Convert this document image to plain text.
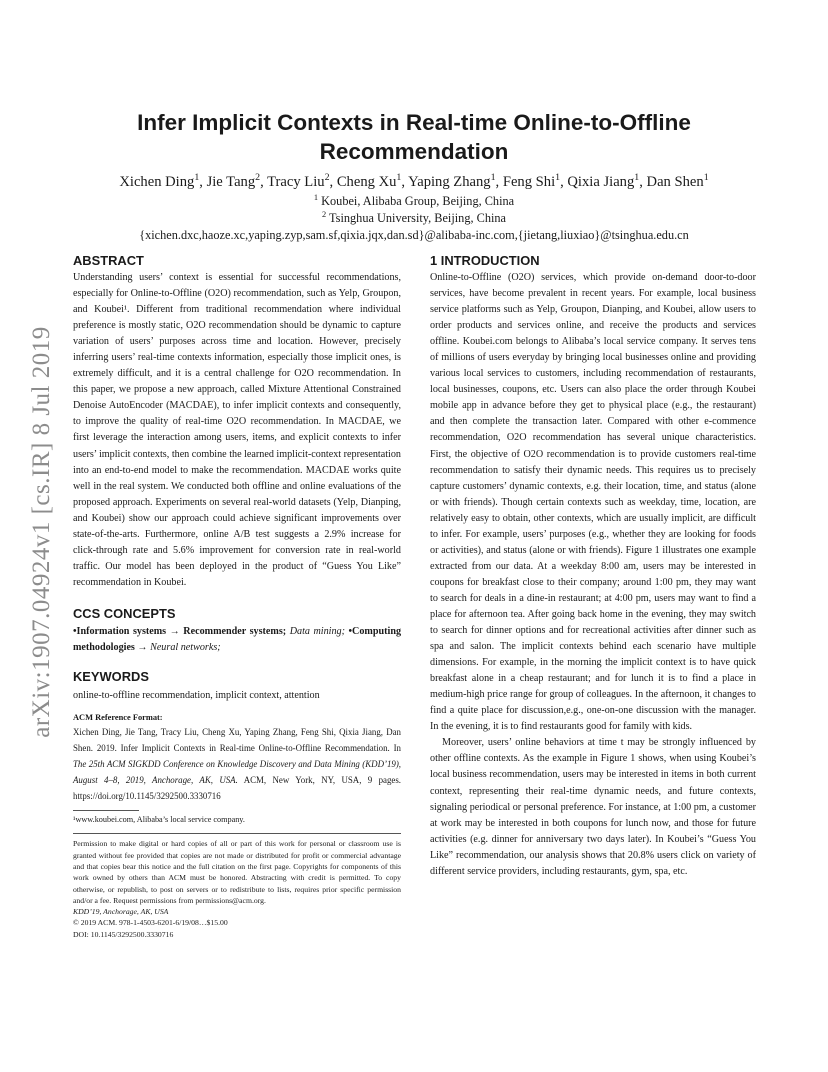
arXiv:1907.04924v1 [cs.IR] 8 Jul 2019
Infer Implicit Contexts in Real-time Online-to-Offline Recommendation
Xichen Ding$^1$, Jie Tang$^2$, Tracy Liu$^2$, Cheng Xu$^1$, Yaping Zhang$^1$, Feng Shi$^1$, Qixia Jiang$^1$, Dan Shen$^1$
$^1$ Koubei, Alibaba Group, Beijing, China
$^2$ Tsinghua University, Beijing, China
{xichen.dxc,haoze.xc,yaping.zyp,sam.sf,qixia.jqx,dan.sd}@alibaba-inc.com,{jietang,liuxiao}@tsinghua.edu.cn
ABSTRACT

Understanding users’ context is essential for successful recommendations, especially for Online-to-Offline (O2O) recommendation, such as Yelp, Groupon, and Koubei¹. Different from traditional recommendation where individual preference is mostly static, O2O recommendation should be dynamic to capture variation of users’ purposes across time and location. However, precisely inferring users’ real-time contexts information, especially those implicit ones, is extremely difficult, and it is a central challenge for O2O recommendation. In this paper, we propose a new approach, called Mixture Attentional Constrained Denoise AutoEncoder (MACDAE), to infer implicit contexts and consequently, to improve the quality of real-time O2O recommendation. In MACDAE, we first leverage the interaction among users, items, and explicit contexts to infer users’ implicit contexts, then combine the learned implicit-context representation into an end-to-end model to make the recommendation. MACDAE works quite well in the real system. We conducted both offline and online evaluations of the proposed approach. Experiments on several real-world datasets (Yelp, Dianping, and Koubei) show our approach could achieve significant improvements over state-of-the-arts. Furthermore, online A/B test suggests a 2.9% increase for click-through rate and 5.6% improvement for conversion rate in real-world traffic. Our model has been deployed in the product of “Guess You Like” recommendation in Koubei.

CCS CONCEPTS

•Information systems → Recommender systems; Data mining; •Computing methodologies → Neural networks;

KEYWORDS

online-to-offline recommendation, implicit context, attention

ACM Reference Format:

Xichen Ding, Jie Tang, Tracy Liu, Cheng Xu, Yaping Zhang, Feng Shi, Qixia Jiang, Dan Shen. 2019. Infer Implicit Contexts in Real-time Online-to-Offline Recommendation. In The 25th ACM SIGKDD Conference on Knowledge Discovery and Data Mining (KDD’19), August 4–8, 2019, Anchorage, AK, USA. ACM, New York, NY, USA, 9 pages. https://doi.org/10.1145/3292500.3330716

¹www.koubei.com, Alibaba’s local service company.

Permission to make digital or hard copies of all or part of this work for personal or classroom use is granted without fee provided that copies are not made or distributed for profit or commercial advantage and that copies bear this notice and the full citation on the first page. Copyrights for components of this work owned by others than ACM must be honored. Abstracting with credit is permitted. To copy otherwise, or republish, to post on servers or to redistribute to lists, requires prior specific permission and/or a fee. Request permissions from permissions@acm.org.

KDD’19, Anchorage, AK, USA

© 2019 ACM. 978-1-4503-6201-6/19/08…$15.00

DOI: 10.1145/3292500.3330716

1 INTRODUCTION

Online-to-Offline (O2O) services, which provide on-demand door-to-door services, have become prevalent in recent years. For example, local business service platforms such as Yelp, Groupon, Dianping, and Koubei, allow users to order products and services online, and receive the products and services offline. Koubei.com belongs to Alibaba’s local service company. It serves tens of millions of users everyday by bringing local businesses online and providing various local services to customers, including recommendation of restaurants, local businesses, coupons, etc. Users can also place the order through Koubei mobile app in advance before they get to physical place (e.g., the restaurant) and then complete the transaction later. Compared with other e-commence recommendation, O2O recommendation has several unique characteristics. First, the objective of O2O recommendation is to provide customers real-time recommendation to satisfy their dynamic needs. This requires us to precisely capture customers’ dynamic contexts, e.g. their location, time, and status (alone or with friends). Though certain contexts such as weekday, time, location, are relatively easy to obtain, other contexts, which are usually implicit, are difficult to infer. For example, users’ purposes (e.g., whether they are looking for foods or activities), and status (alone or with friends). Figure 1 illustrates one example extracted from our data. At a weekday 8:00 am, users may be interested in coupons for breakfast close to their company; around 1:00 pm, they may want to search for deals in a dine-in restaurant; at 4:00 pm, users may want to find a place for afternoon tea. After going back home in the evening, they may switch to search for dinner options and for recreational activities after dinner such as spa and salon. The implicit contexts behind each scenario have multiple dimensions. For example, in the morning the implicit context is to have quick breakfast alone in a cheap restaurant; and for lunch it is to find a place in medium-high price range for group of colleagues. In the afternoon, it changes to find a quite place for discussion,e.g., one-on-one discussion with the manager. In the evening, it is to find restaurants good for family with kids.

Moreover, users’ online behaviors at time t may be strongly influenced by other offline contexts. As the example in Figure 1 shows, when using Koubei’s local business recommendation, users may be interested in items in both current context, representing their real-time dynamic needs, and future contexts, signaling periodical or personal preference. For instance, at 1:00 pm, a customer at work may be interested in both coupons for lunch now, and those for future activities (e.g. dinner for anniversary two days later). In Koubei’s “Guess You Like” recommendation, our analysis shows that 20.8% users click on variety of different service providers, including restaurants, gym, spa, etc.
